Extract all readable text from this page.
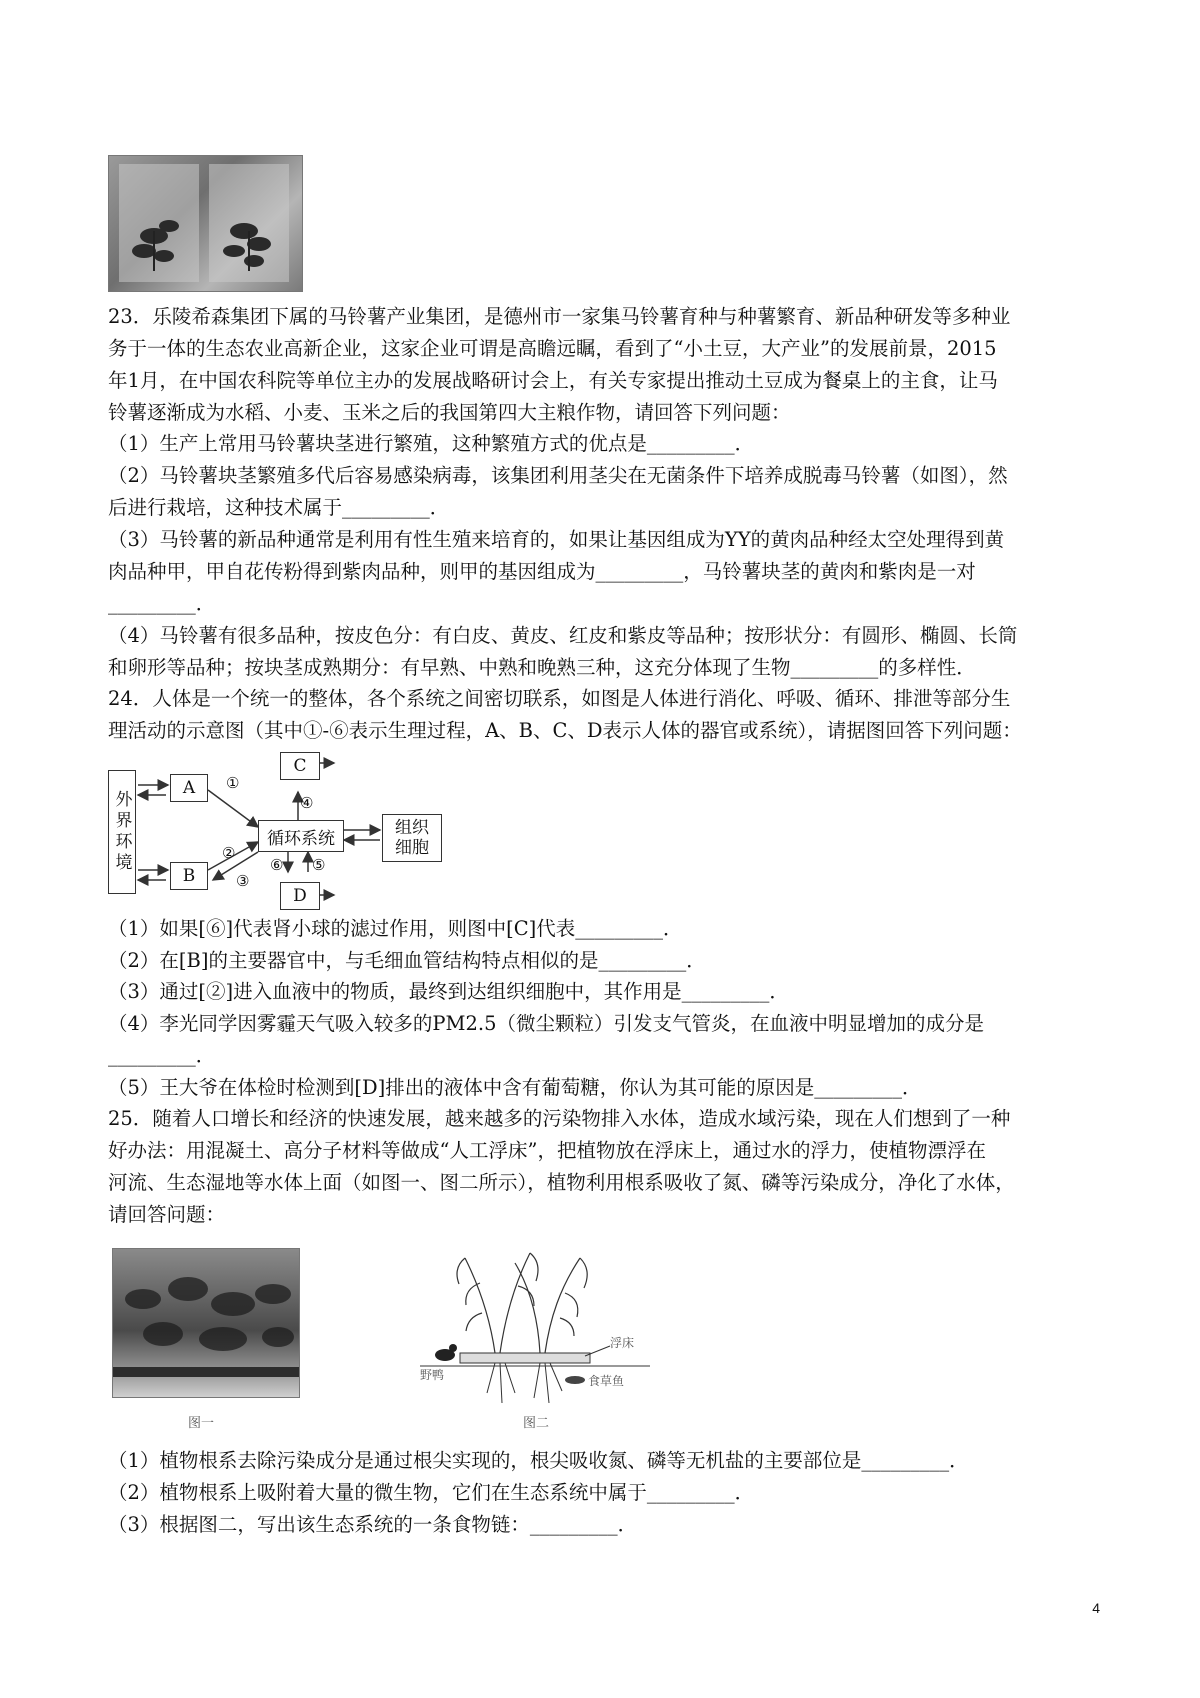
23．乐陵希森集团下属的马铃薯产业集团，是德州市一家集马铃薯育种与种薯繁育、新品种研发等多种业
务于一体的生态农业高新企业，这家企业可谓是高瞻远瞩，看到了“小土豆，大产业”的发展前景，2015
年1月，在中国农科院等单位主办的发展战略研讨会上，有关专家提出推动土豆成为餐桌上的主食，让马
铃薯逐渐成为水稻、小麦、玉米之后的我国第四大主粮作物，请回答下列问题：
（1）生产上常用马铃薯块茎进行繁殖，这种繁殖方式的优点是_________．
（2）马铃薯块茎繁殖多代后容易感染病毒，该集团利用茎尖在无菌条件下培养成脱毒马铃薯（如图），然
后进行栽培，这种技术属于_________．
（3）马铃薯的新品种通常是利用有性生殖来培育的，如果让基因组成为YY的黄肉品种经太空处理得到黄
肉品种甲，甲自花传粉得到紫肉品种，则甲的基因组成为_________，马铃薯块茎的黄肉和紫肉是一对
_________．
（4）马铃薯有很多品种，按皮色分：有白皮、黄皮、红皮和紫皮等品种；按形状分：有圆形、椭圆、长筒
和卵形等品种；按块茎成熟期分：有早熟、中熟和晚熟三种，这充分体现了生物_________的多样性．
24．人体是一个统一的整体，各个系统之间密切联系，如图是人体进行消化、呼吸、循环、排泄等部分生
理活动的示意图（其中①-⑥表示生理过程，A、B、C、D表示人体的器官或系统），请据图回答下列问题：
外界环境
A
B
C
D
循环系统
组织细胞
①
②
③
④
⑤
⑥
（1）如果[⑥]代表肾小球的滤过作用，则图中[C]代表_________．
（2）在[B]的主要器官中，与毛细血管结构特点相似的是_________．
（3）通过[②]进入血液中的物质，最终到达组织细胞中，其作用是_________．
（4）李光同学因雾霾天气吸入较多的PM2.5（微尘颗粒）引发支气管炎，在血液中明显增加的成分是
_________．
（5）王大爷在体检时检测到[D]排出的液体中含有葡萄糖，你认为其可能的原因是_________．
25．随着人口增长和经济的快速发展，越来越多的污染物排入水体，造成水域污染，现在人们想到了一种
好办法：用混凝土、高分子材料等做成“人工浮床”，把植物放在浮床上，通过水的浮力，使植物漂浮在
河流、生态湿地等水体上面（如图一、图二所示），植物利用根系吸收了氮、磷等污染成分，净化了水体，
请回答问题：
图一
浮床
野鸭	食草鱼
图二
（1）植物根系去除污染成分是通过根尖实现的，根尖吸收氮、磷等无机盐的主要部位是_________．
（2）植物根系上吸附着大量的微生物，它们在生态系统中属于_________．
（3）根据图二，写出该生态系统的一条食物链：_________．
4
